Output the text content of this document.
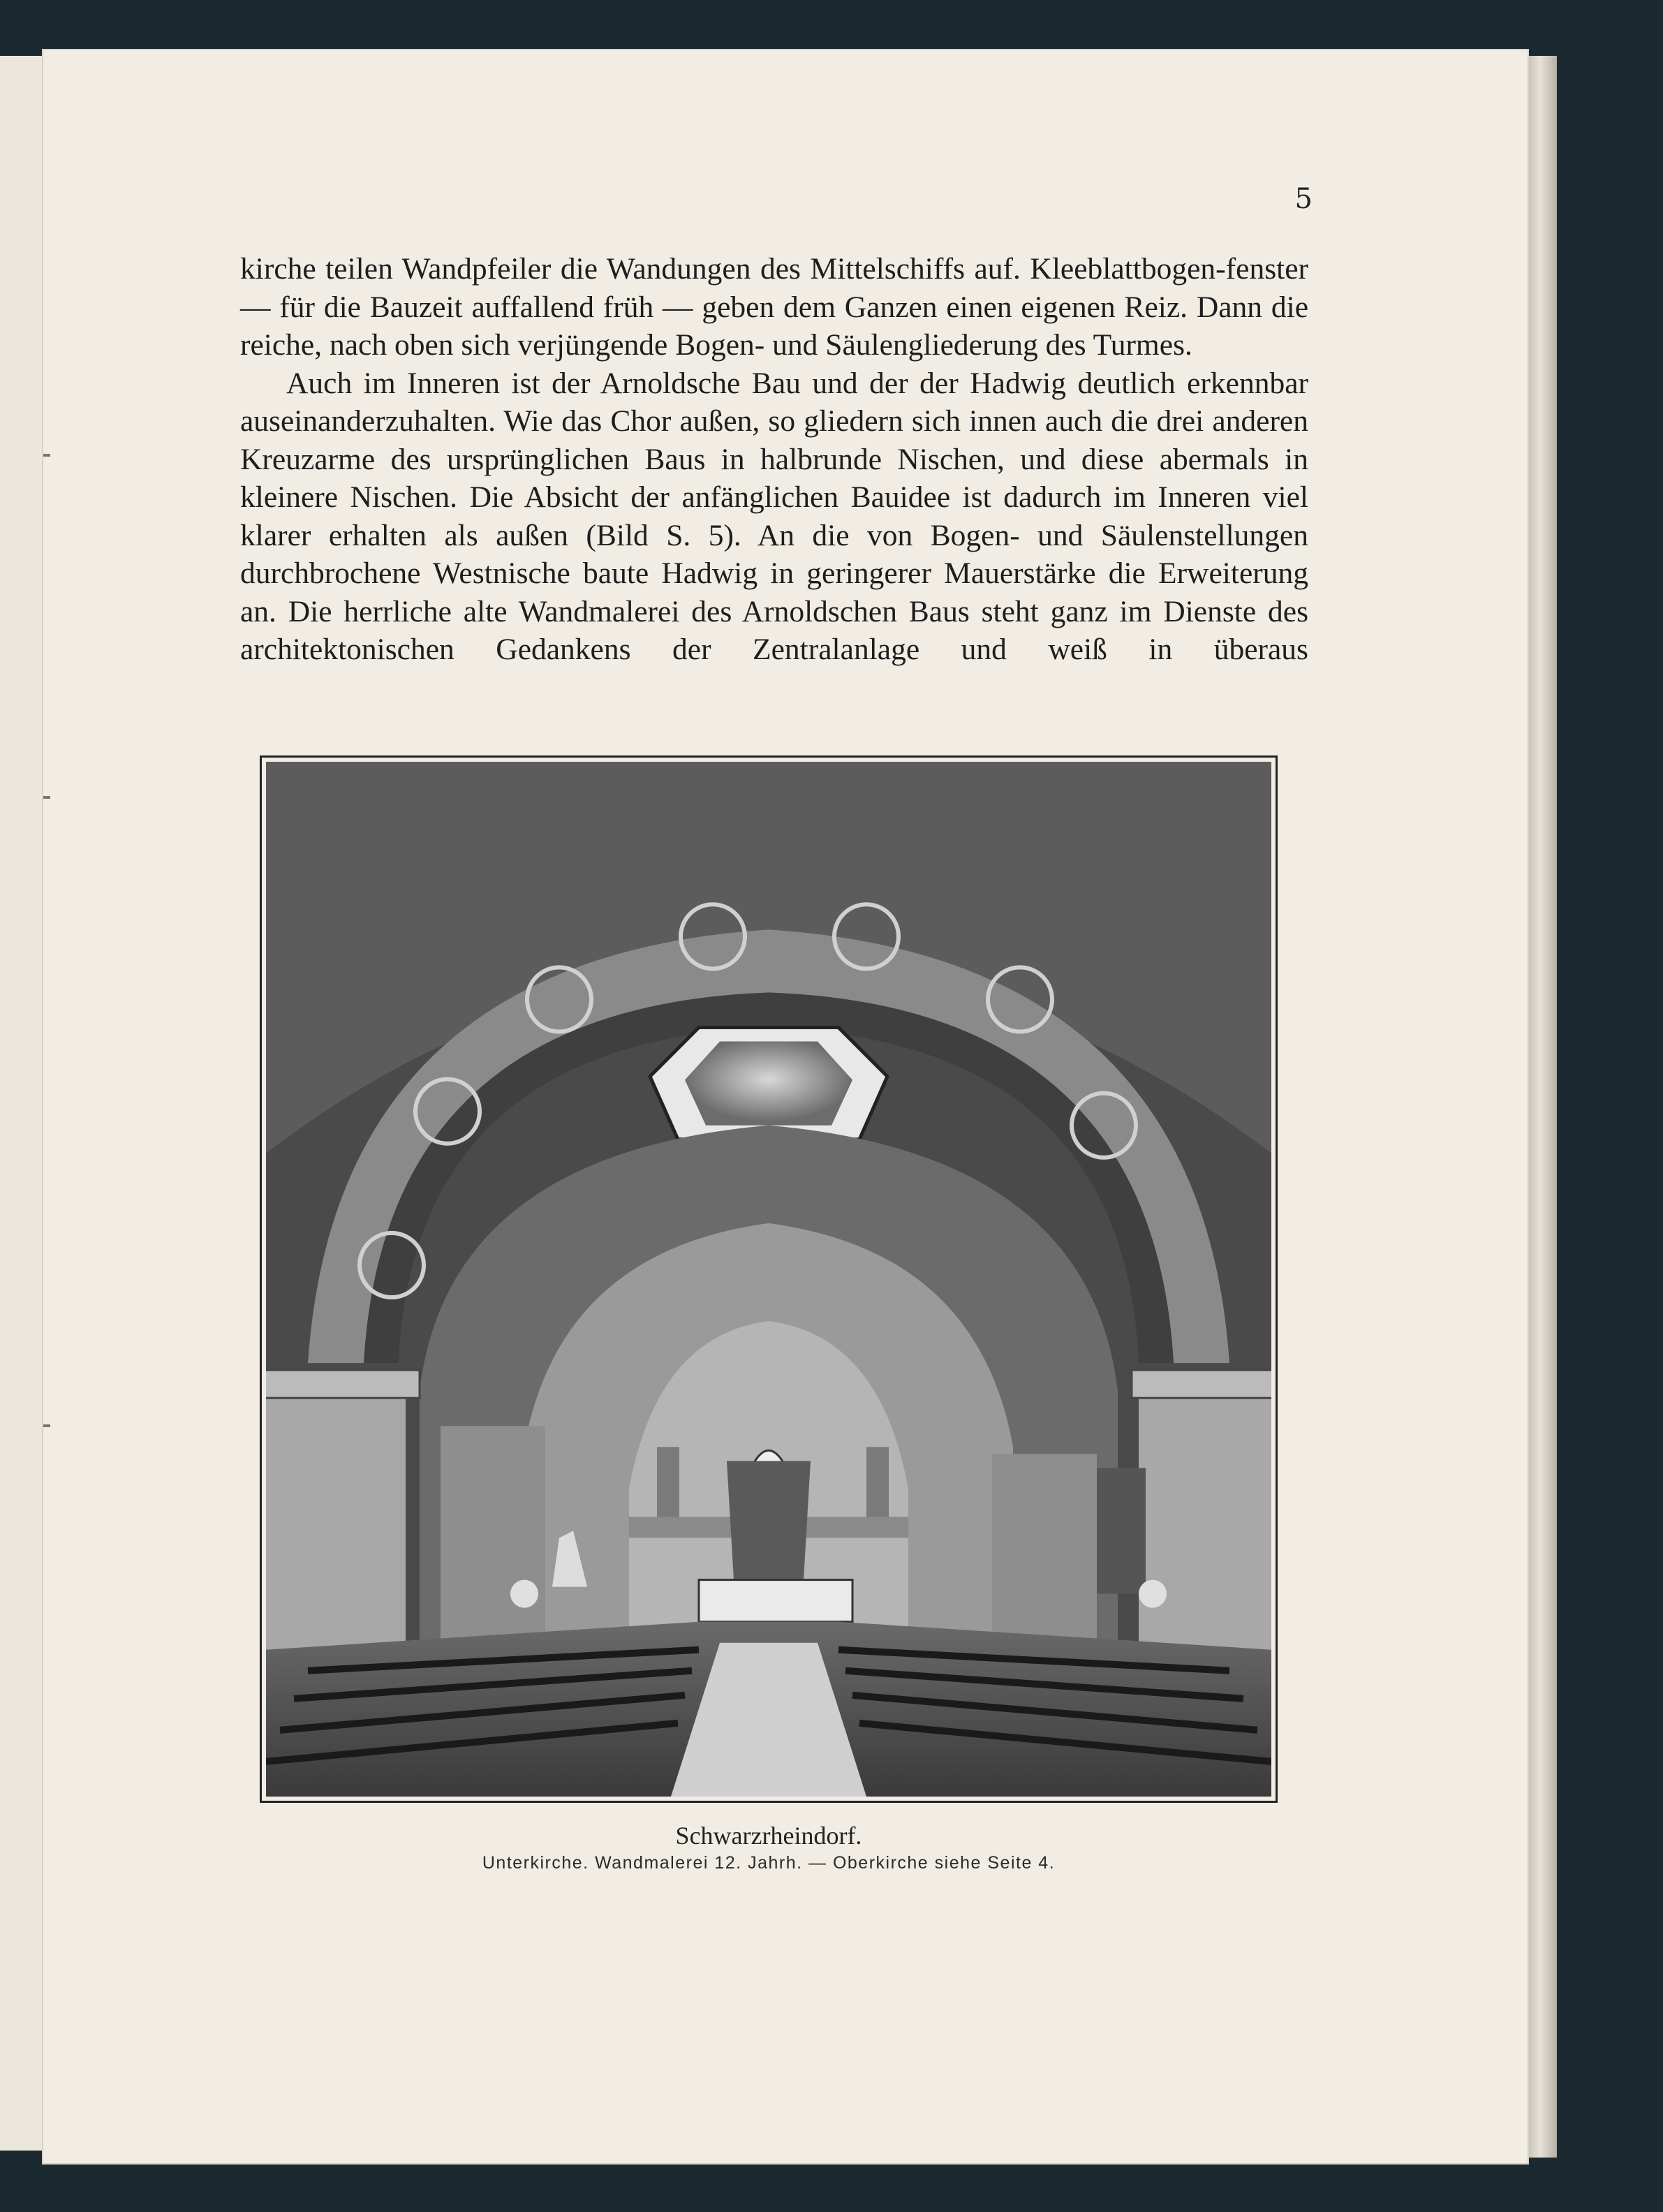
5

kirche teilen Wandpfeiler die Wandungen des Mittelschiffs auf. Kleeblattbogen-fenster — für die Bauzeit auffallend früh — geben dem Ganzen einen eigenen Reiz. Dann die reiche, nach oben sich verjüngende Bogen- und Säulengliederung des Turmes.

Auch im Inneren ist der Arnoldsche Bau und der der Hadwig deutlich erkennbar auseinanderzuhalten. Wie das Chor außen, so gliedern sich innen auch die drei anderen Kreuzarme des ursprünglichen Baus in halbrunde Nischen, und diese abermals in kleinere Nischen. Die Absicht der anfänglichen Bauidee ist dadurch im Inneren viel klarer erhalten als außen (Bild S. 5). An die von Bogen- und Säulenstellungen durchbrochene Westnische baute Hadwig in geringerer Mauerstärke die Erweiterung an. Die herrliche alte Wandmalerei des Arnoldschen Baus steht ganz im Dienste des architektonischen Gedankens der Zentralanlage und weiß in überaus

Schwarzrheindorf.
Unterkirche. Wandmalerei 12. Jahrh. — Oberkirche siehe Seite 4.
